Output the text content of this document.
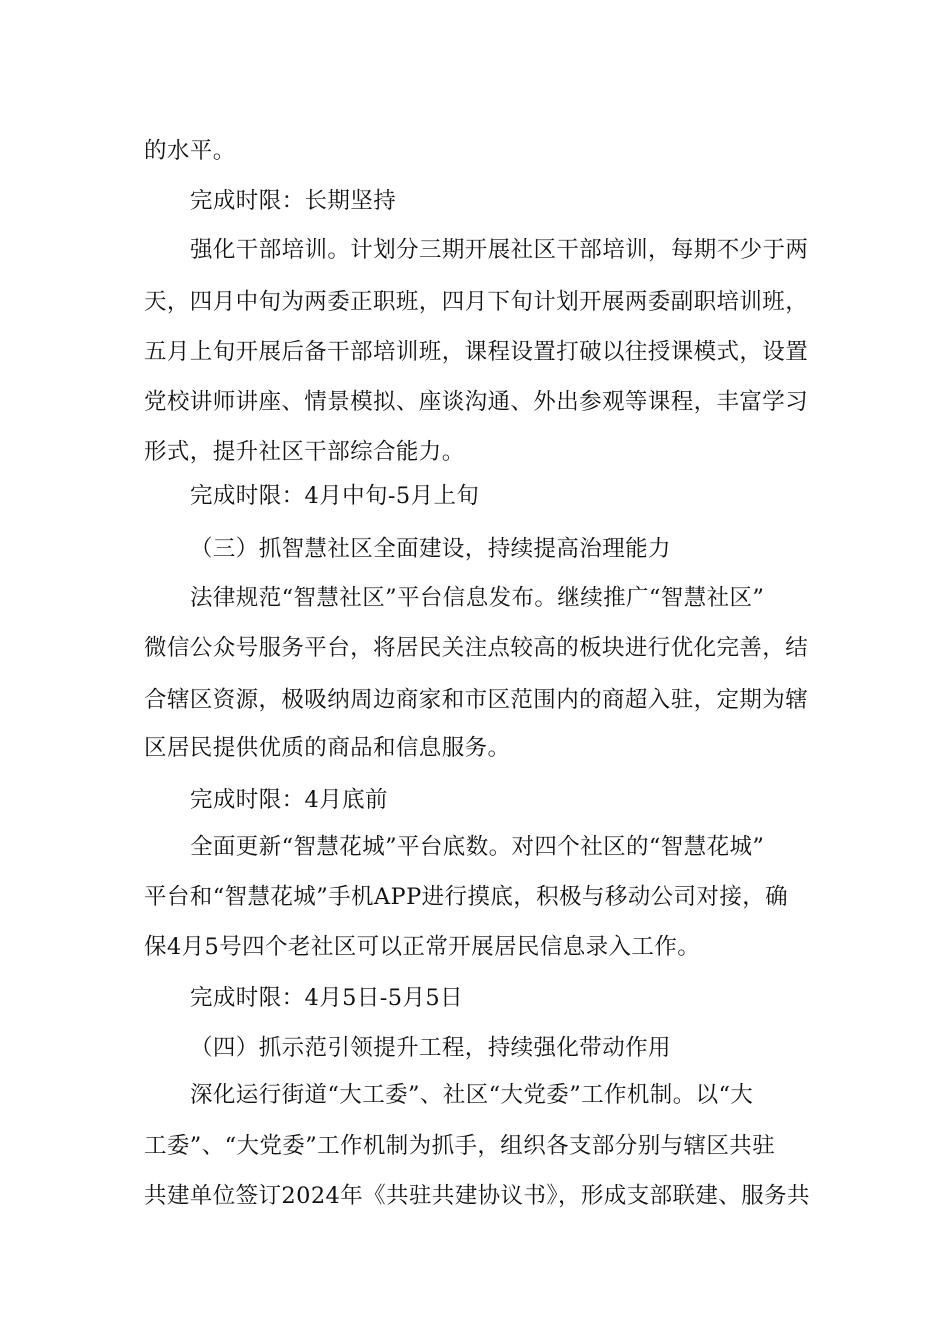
的水平。
完成时限：长期坚持
强化干部培训。计划分三期开展社区干部培训，每期不少于两
天，四月中旬为两委正职班，四月下旬计划开展两委副职培训班，
五月上旬开展后备干部培训班，课程设置打破以往授课模式，设置
党校讲师讲座、情景模拟、座谈沟通、外出参观等课程，丰富学习
形式，提升社区干部综合能力。
完成时限：4月中旬-5月上旬
（三）抓智慧社区全面建设，持续提高治理能力
法律规范“智慧社区”平台信息发布。继续推广“智慧社区”
微信公众号服务平台，将居民关注点较高的板块进行优化完善，结
合辖区资源，极吸纳周边商家和市区范围内的商超入驻，定期为辖
区居民提供优质的商品和信息服务。
完成时限：4月底前
全面更新“智慧花城”平台底数。对四个社区的“智慧花城”
平台和“智慧花城”手机APP进行摸底，积极与移动公司对接，确
保4月5号四个老社区可以正常开展居民信息录入工作。
完成时限：4月5日-5月5日
（四）抓示范引领提升工程，持续强化带动作用
深化运行街道“大工委”、社区“大党委”工作机制。以“大
工委”、“大党委”工作机制为抓手，组织各支部分别与辖区共驻
共建单位签订2024年《共驻共建协议书》，形成支部联建、服务共
